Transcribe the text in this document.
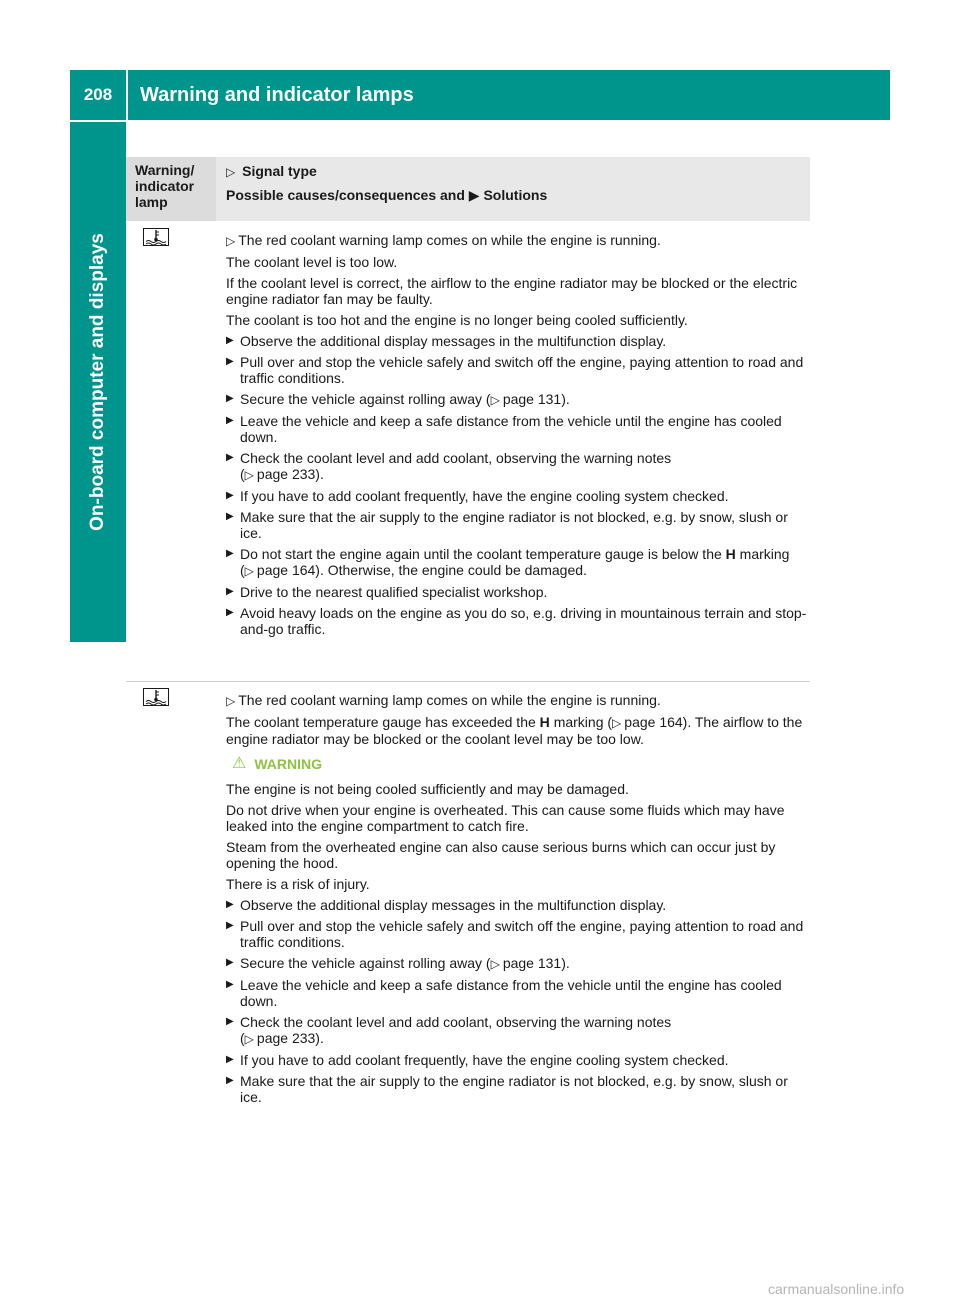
208	Warning and indicator lamps
On-board computer and displays
Warning/ indicator lamp
▷ Signal type
Possible causes/consequences and ▶ Solutions

▷ The red coolant warning lamp comes on while the engine is running.

The coolant level is too low.

If the coolant level is correct, the airflow to the engine radiator may be blocked or the electric engine radiator fan may be faulty.

The coolant is too hot and the engine is no longer being cooled sufficiently.

▶ Observe the additional display messages in the multifunction display.
▶ Pull over and stop the vehicle safely and switch off the engine, paying attention to road and traffic conditions.
▶ Secure the vehicle against rolling away (▷ page 131).
▶ Leave the vehicle and keep a safe distance from the vehicle until the engine has cooled down.
▶ Check the coolant level and add coolant, observing the warning notes
(▷ page 233).
▶ If you have to add coolant frequently, have the engine cooling system checked.
▶ Make sure that the air supply to the engine radiator is not blocked, e.g. by snow, slush or ice.
▶ Do not start the engine again until the coolant temperature gauge is below the H marking (▷ page 164). Otherwise, the engine could be damaged.
▶ Drive to the nearest qualified specialist workshop.
▶ Avoid heavy loads on the engine as you do so, e.g. driving in mountainous terrain and stop-and-go traffic.

▷ The red coolant warning lamp comes on while the engine is running.

The coolant temperature gauge has exceeded the H marking (▷ page 164). The airflow to the engine radiator may be blocked or the coolant level may be too low.

⚠ WARNING

The engine is not being cooled sufficiently and may be damaged.

Do not drive when your engine is overheated. This can cause some fluids which may have leaked into the engine compartment to catch fire.

Steam from the overheated engine can also cause serious burns which can occur just by opening the hood.

There is a risk of injury.

▶ Observe the additional display messages in the multifunction display.
▶ Pull over and stop the vehicle safely and switch off the engine, paying attention to road and traffic conditions.
▶ Secure the vehicle against rolling away (▷ page 131).
▶ Leave the vehicle and keep a safe distance from the vehicle until the engine has cooled down.
▶ Check the coolant level and add coolant, observing the warning notes
(▷ page 233).
▶ If you have to add coolant frequently, have the engine cooling system checked.
▶ Make sure that the air supply to the engine radiator is not blocked, e.g. by snow, slush or ice.
carmanualsonline.info
